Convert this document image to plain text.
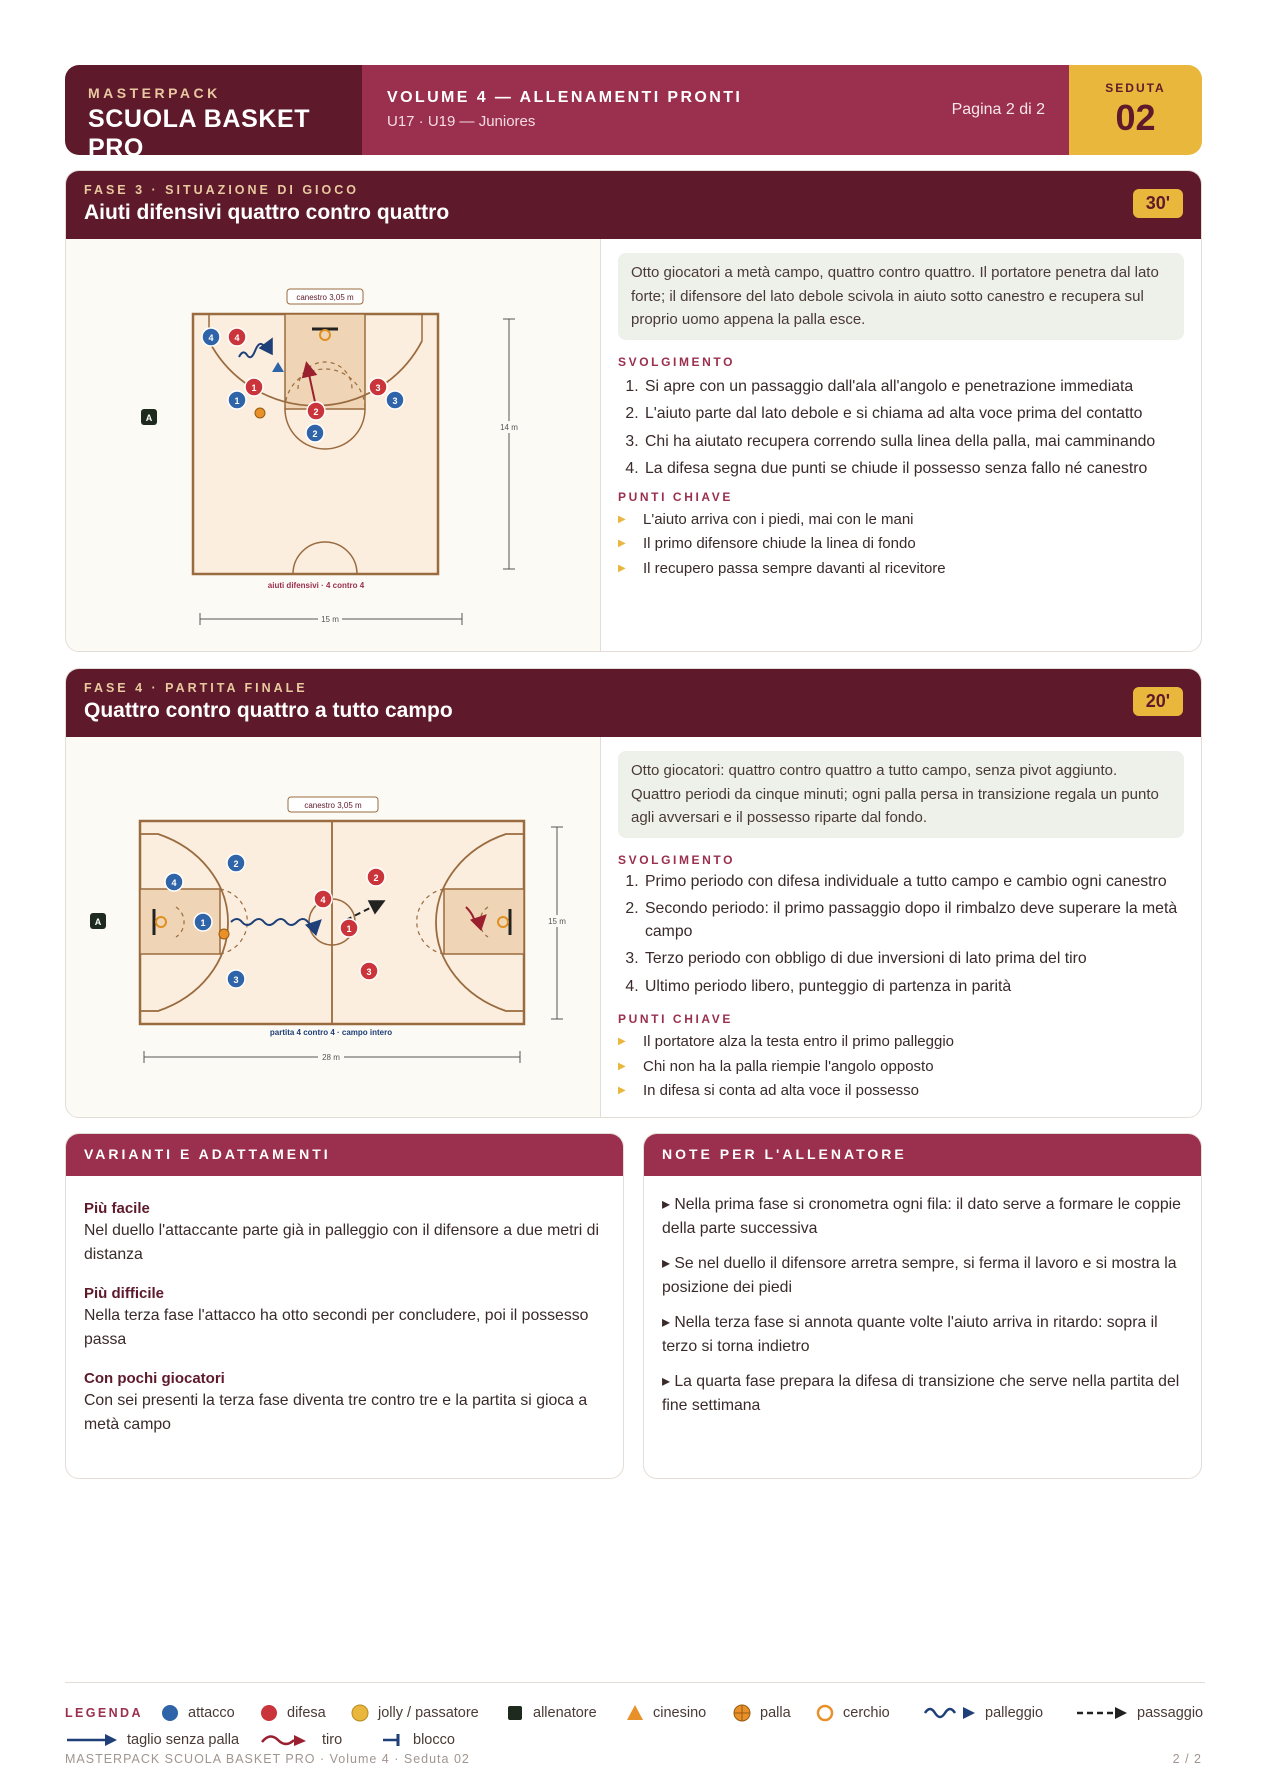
MASTERPACK
SCUOLA BASKET PRO
VOLUME 4 — ALLENAMENTI PRONTI
U17 · U19 — Juniores
Pagina 2 di 2
SEDUTA
02
FASE 3 · SITUAZIONE DI GIOCO
Aiuti difensivi quattro contro quattro	30'
canestro 3,05 m
14 m
15 m
aiuti difensivi · 4 contro 4
A
4
1
2
3
4
1
2
3
Otto giocatori a metà campo, quattro contro quattro. Il portatore penetra dal lato forte; il difensore del lato debole scivola in aiuto sotto canestro e recupera sul proprio uomo appena la palla esce.
SVOLGIMENTO
1. Si apre con un passaggio dall'ala all'angolo e penetrazione immediata
2. L'aiuto parte dal lato debole e si chiama ad alta voce prima del contatto
3. Chi ha aiutato recupera correndo sulla linea della palla, mai camminando
4. La difesa segna due punti se chiude il possesso senza fallo né canestro
PUNTI CHIAVE
▶ L'aiuto arriva con i piedi, mai con le mani
▶ Il primo difensore chiude la linea di fondo
▶ Il recupero passa sempre davanti al ricevitore
FASE 4 · PARTITA FINALE
Quattro contro quattro a tutto campo	20'
canestro 3,05 m
15 m
28 m
partita 4 contro 4 · campo intero
A
4
2
1
3
4
1
2
3
Otto giocatori: quattro contro quattro a tutto campo, senza pivot aggiunto. Quattro periodi da cinque minuti; ogni palla persa in transizione regala un punto agli avversari e il possesso riparte dal fondo.
SVOLGIMENTO
1. Primo periodo con difesa individuale a tutto campo e cambio ogni canestro
2. Secondo periodo: il primo passaggio dopo il rimbalzo deve superare la metà campo
3. Terzo periodo con obbligo di due inversioni di lato prima del tiro
4. Ultimo periodo libero, punteggio di partenza in parità
PUNTI CHIAVE
▶ Il portatore alza la testa entro il primo palleggio
▶ Chi non ha la palla riempie l'angolo opposto
▶ In difesa si conta ad alta voce il possesso
VARIANTI E ADATTAMENTI
Più facile
Nel duello l'attaccante parte già in palleggio con il difensore a due metri di distanza
Più difficile
Nella terza fase l'attacco ha otto secondi per concludere, poi il possesso passa
Con pochi giocatori
Con sei presenti la terza fase diventa tre contro tre e la partita si gioca a metà campo
NOTE PER L'ALLENATORE
▸ Nella prima fase si cronometra ogni fila: il dato serve a formare le coppie della parte successiva
▸ Se nel duello il difensore arretra sempre, si ferma il lavoro e si mostra la posizione dei piedi
▸ Nella terza fase si annota quante volte l'aiuto arriva in ritardo: sopra il terzo si torna indietro
▸ La quarta fase prepara la difesa di transizione che serve nella partita del fine settimana
LEGENDA	attacco	difesa	jolly / passatore	allenatore	cinesino	palla	cerchio	palleggio	passaggio
taglio senza palla	tiro	blocco
MASTERPACK SCUOLA BASKET PRO · Volume 4 · Seduta 02	2 / 2
